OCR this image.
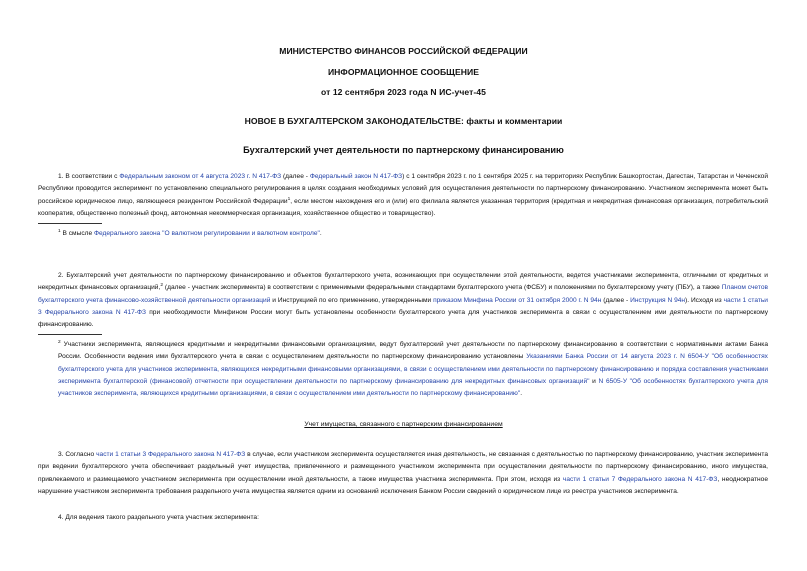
МИНИСТЕРСТВО ФИНАНСОВ РОССИЙСКОЙ ФЕДЕРАЦИИ
ИНФОРМАЦИОННОЕ СООБЩЕНИЕ
от 12 сентября 2023 года N ИС-учет-45
НОВОЕ В БУХГАЛТЕРСКОМ ЗАКОНОДАТЕЛЬСТВЕ: факты и комментарии
Бухгалтерский учет деятельности по партнерскому финансированию
1. В соответствии с Федеральным законом от 4 августа 2023 г. N 417-ФЗ (далее - Федеральный закон N 417-ФЗ) с 1 сентября 2023 г. по 1 сентября 2025 г. на территориях Республик Башкортостан, Дагестан, Татарстан и Чеченской Республики проводится эксперимент по установлению специального регулирования в целях создания необходимых условий для осуществления деятельности по партнерскому финансированию. Участником эксперимента может быть российское юридическое лицо, являющееся резидентом Российской Федерации$^1$, если местом нахождения его и (или) его филиала является указанная территория (кредитная и некредитная финансовая организация, потребительский кооператив, общественно полезный фонд, автономная некоммерческая организация, хозяйственное общество и товарищество).
$^1$ В смысле Федерального закона "О валютном регулировании и валютном контроле".
2. Бухгалтерский учет деятельности по партнерскому финансированию и объектов бухгалтерского учета, возникающих при осуществлении этой деятельности, ведется участниками эксперимента, отличными от кредитных и некредитных финансовых организаций,$^2$ (далее - участник эксперимента) в соответствии с применимыми федеральными стандартами бухгалтерского учета (ФСБУ) и положениями по бухгалтерскому учету (ПБУ), а также Планом счетов бухгалтерского учета финансово-хозяйственной деятельности организаций и Инструкцией по его применению, утвержденными приказом Минфина России от 31 октября 2000 г. N 94н (далее - Инструкция N 94н). Исходя из части 1 статьи 3 Федерального закона N 417-ФЗ при необходимости Минфином России могут быть установлены особенности бухгалтерского учета для участников эксперимента в связи с осуществлением ими деятельности по партнерскому финансированию.
$^2$ Участники эксперимента, являющиеся кредитными и некредитными финансовыми организациями, ведут бухгалтерский учет деятельности по партнерскому финансированию в соответствии с нормативными актами Банка России. Особенности ведения ими бухгалтерского учета в связи с осуществлением деятельности по партнерскому финансированию установлены Указаниями Банка России от 14 августа 2023 г. N 6504-У "Об особенностях бухгалтерского учета для участников эксперимента, являющихся некредитными финансовыми организациями, в связи с осуществлением ими деятельности по партнерскому финансированию и порядка составления участниками эксперимента бухгалтерской (финансовой) отчетности при осуществлении деятельности по партнерскому финансированию для некредитных финансовых организаций" и N 6505-У "Об особенностях бухгалтерского учета для участников эксперимента, являющихся кредитными организациями, в связи с осуществлением ими деятельности по партнерскому финансированию".
Учет имущества, связанного с партнерским финансированием
3. Согласно части 1 статьи 3 Федерального закона N 417-ФЗ в случае, если участником эксперимента осуществляется иная деятельность, не связанная с деятельностью по партнерскому финансированию, участник эксперимента при ведении бухгалтерского учета обеспечивает раздельный учет имущества, привлеченного и размещенного участником эксперимента при осуществлении деятельности по партнерскому финансированию, иного имущества, привлекаемого и размещаемого участником эксперимента при осуществлении иной деятельности, а также имущества участника эксперимента. При этом, исходя из части 1 статьи 7 Федерального закона N 417-ФЗ, неоднократное нарушение участником эксперимента требования раздельного учета имущества является одним из оснований исключения Банком России сведений о юридическом лице из реестра участников эксперимента.
4. Для ведения такого раздельного учета участник эксперимента:
